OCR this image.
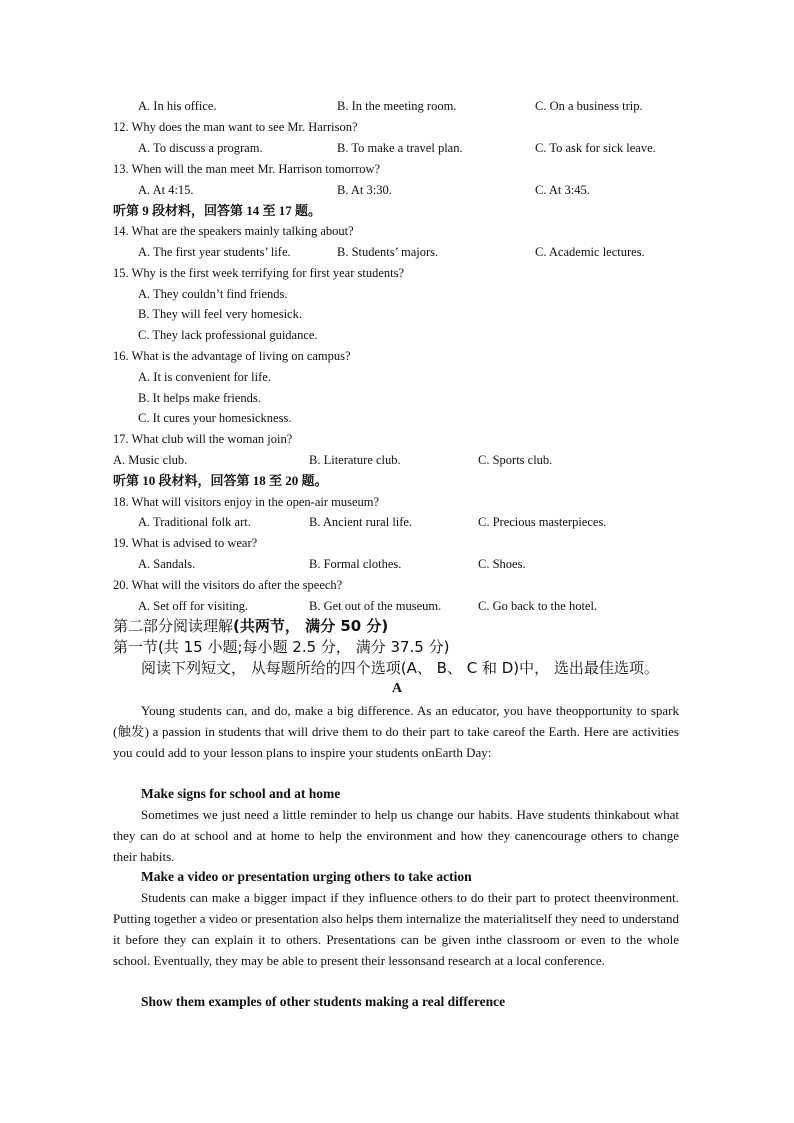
A. In his office.	B. In the meeting room.	C. On a business trip.
12. Why does the man want to see Mr. Harrison?
A. To discuss a program.	B. To make a travel plan.	C. To ask for sick leave.
13. When will the man meet Mr. Harrison tomorrow?
A. At 4:15.	B. At 3:30.	C. At 3:45.
听第 9 段材料，回答第 14 至 17 题。
14. What are the speakers mainly talking about?
A. The first year students’ life.	B. Students’ majors.	C. Academic lectures.
15. Why is the first week terrifying for first year students?
A. They couldn’t find friends.
B. They will feel very homesick.
C. They lack professional guidance.
16. What is the advantage of living on campus?
A. It is convenient for life.
B. It helps make friends.
C. It cures your homesickness.
17. What club will the woman join?
A. Music club.	B. Literature club.	C. Sports club.
听第 10 段材料，回答第 18 至 20 题。
18. What will visitors enjoy in the open-air museum?
A. Traditional folk art.	B. Ancient rural life.	C. Precious masterpieces.
19. What is advised to wear?
A. Sandals.	B. Formal clothes.	C. Shoes.
20. What will the visitors do after the speech?
A. Set off for visiting.	B. Get out of the museum.	C. Go back to the hotel.
第二部分阅读理解(共两节， 满分 50 分)
第一节(共 15 小题;每小题 2.5 分， 满分 37.5 分)
阅读下列短文， 从每题所给的四个选项(A、 B、 C 和 D)中， 选出最佳选项。
A
Young students can, and do, make a big difference. As an educator, you have theopportunity to spark (触发) a passion in students that will drive them to do their part to take careof the Earth. Here are activities you could add to your lesson plans to inspire your students onEarth Day:
Make signs for school and at home
Sometimes we just need a little reminder to help us change our habits. Have students thinkabout what they can do at school and at home to help the environment and how they canencourage others to change their habits.
Make a video or presentation urging others to take action
Students can make a bigger impact if they influence others to do their part to protect theenvironment. Putting together a video or presentation also helps them internalize the materialitself they need to understand it before they can explain it to others. Presentations can be given inthe classroom or even to the whole school. Eventually, they may be able to present their lessonsand research at a local conference.
Show them examples of other students making a real difference
